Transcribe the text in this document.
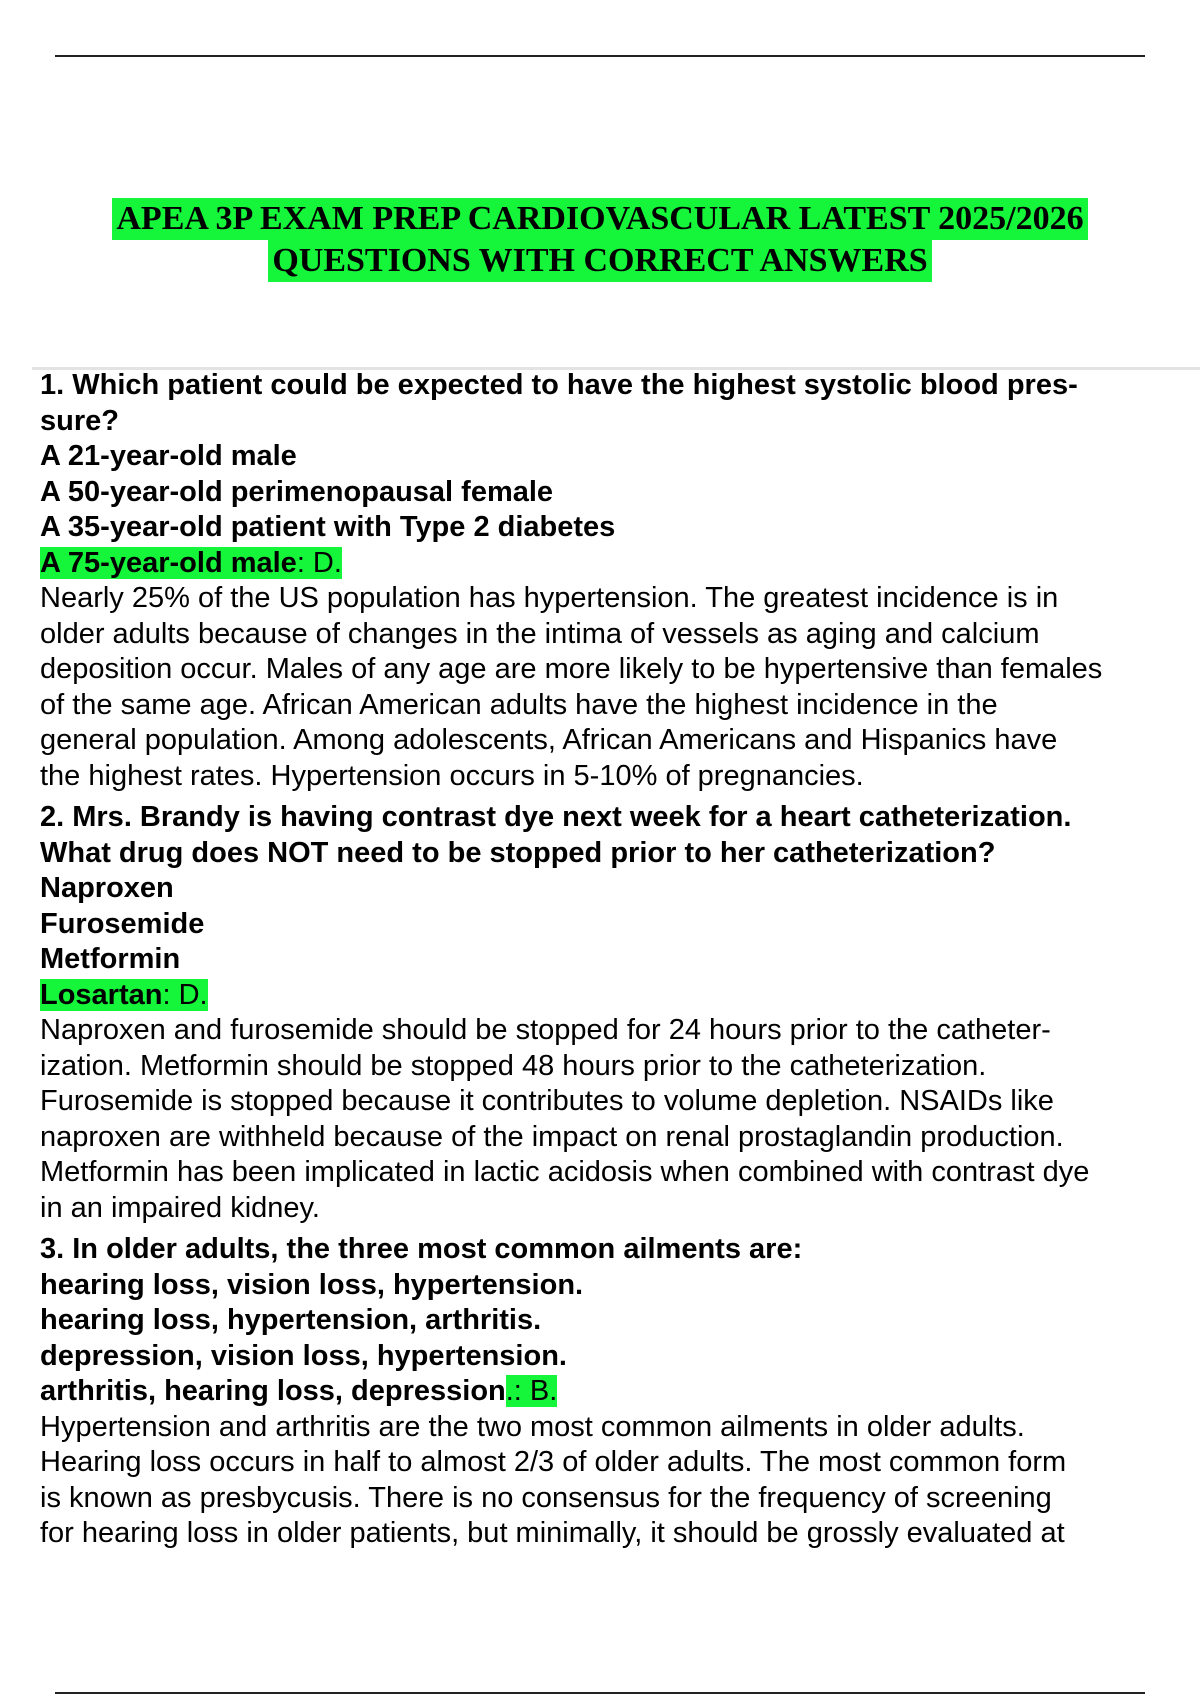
APEA 3P EXAM PREP CARDIOVASCULAR LATEST 2025/2026
QUESTIONS WITH CORRECT ANSWERS
1. Which patient could be expected to have the highest systolic blood pres-
sure?
A 21-year-old male
A 50-year-old perimenopausal female
A 35-year-old patient with Type 2 diabetes
A 75-year-old male: D.
Nearly 25% of the US population has hypertension. The greatest incidence is in
older adults because of changes in the intima of vessels as aging and calcium
deposition occur. Males of any age are more likely to be hypertensive than females
of the same age. African American adults have the highest incidence in the
general population. Among adolescents, African Americans and Hispanics have
the highest rates. Hypertension occurs in 5-10% of pregnancies.
2. Mrs. Brandy is having contrast dye next week for a heart catheterization.
What drug does NOT need to be stopped prior to her catheterization?
Naproxen
Furosemide
Metformin
Losartan: D.
Naproxen and furosemide should be stopped for 24 hours prior to the catheter-
ization. Metformin should be stopped 48 hours prior to the catheterization.
Furosemide is stopped because it contributes to volume depletion. NSAIDs like
naproxen are withheld because of the impact on renal prostaglandin production.
Metformin has been implicated in lactic acidosis when combined with contrast dye
in an impaired kidney.
3. In older adults, the three most common ailments are:
hearing loss, vision loss, hypertension.
hearing loss, hypertension, arthritis.
depression, vision loss, hypertension.
arthritis, hearing loss, depression.: B.
Hypertension and arthritis are the two most common ailments in older adults.
Hearing loss occurs in half to almost 2/3 of older adults. The most common form
is known as presbycusis. There is no consensus for the frequency of screening
for hearing loss in older patients, but minimally, it should be grossly evaluated at
